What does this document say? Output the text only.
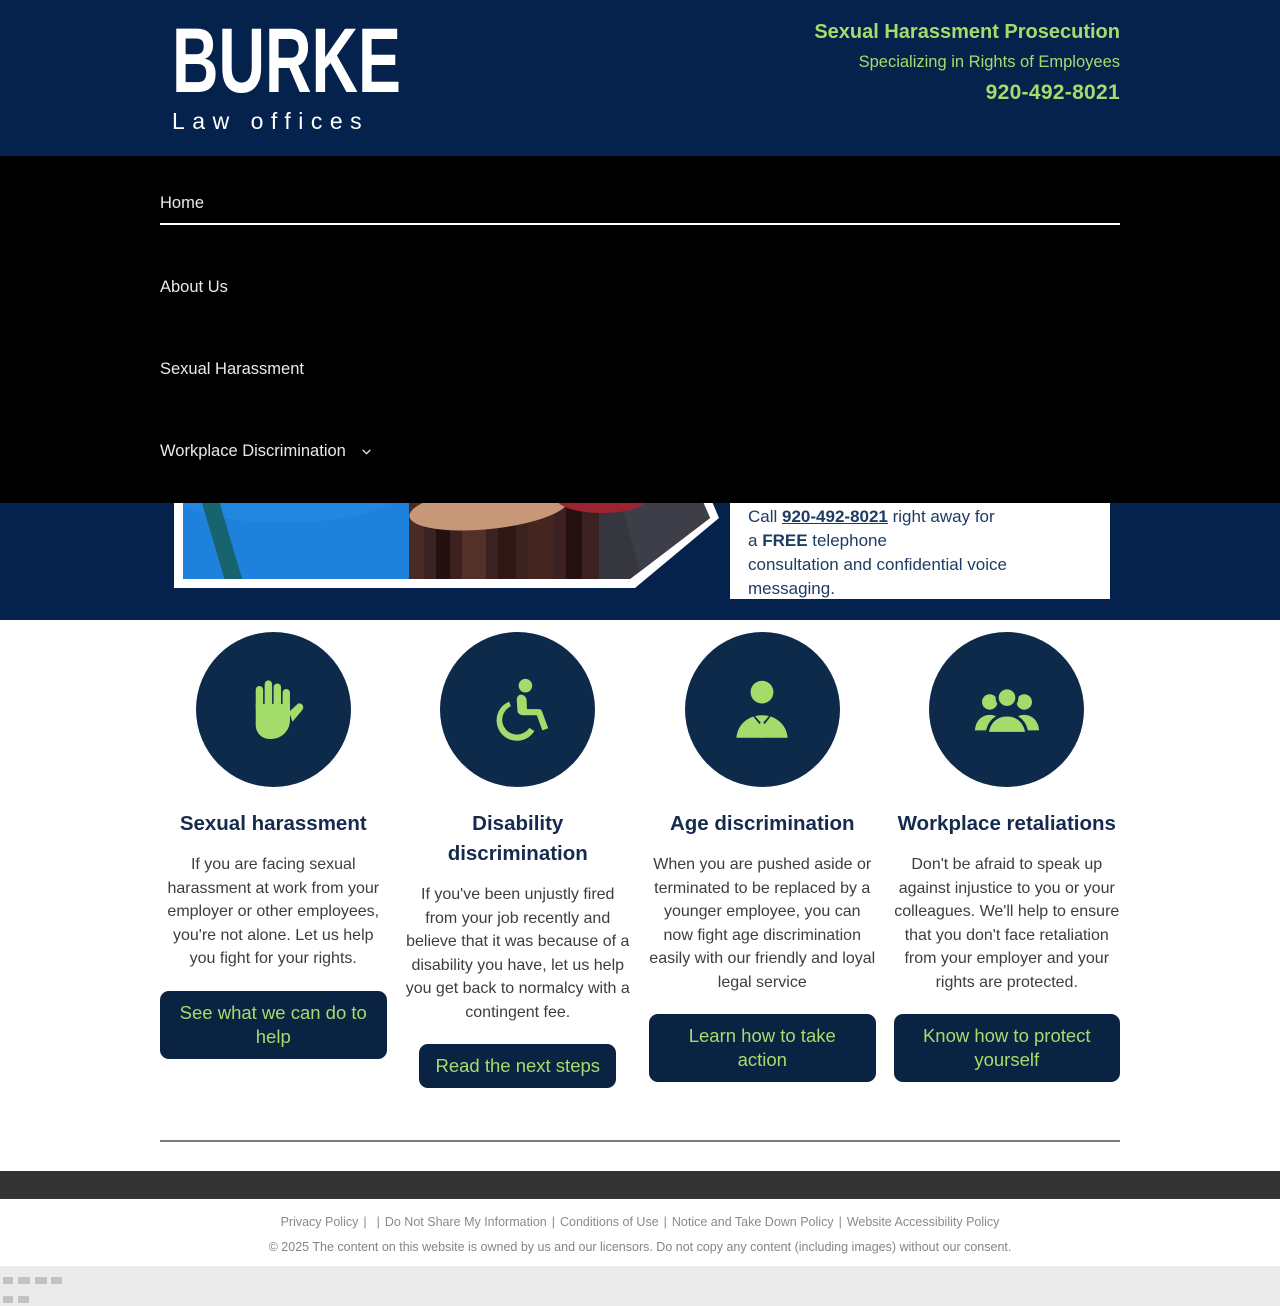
BURKE
Law offices
Sexual Harassment Prosecution
Specializing in Rights of Employees
920-492-8021
Home
About Us
Sexual Harassment
Workplace Discrimination
Call 920-492-8021 right away for
a FREE telephone
consultation and confidential voice messaging.
Sexual harassment

If you are facing sexual harassment at work from your employer or other employees, you're not alone. Let us help you fight for your rights.

See what we can do to help
Disability discrimination

If you've been unjustly fired from your job recently and believe that it was because of a disability you have, let us help you get back to normalcy with a contingent fee.

Read the next steps
Age discrimination

When you are pushed aside or terminated to be replaced by a younger employee, you can now fight age discrimination easily with our friendly and loyal legal service

Learn how to take action
Workplace retaliations

Don't be afraid to speak up against injustice to you or your colleagues. We'll help to ensure that you don't face retaliation from your employer and your rights are protected.

Know how to protect yourself
Privacy Policy | | Do Not Share My Information | Conditions of Use | Notice and Take Down Policy | Website Accessibility Policy
© 2025 The content on this website is owned by us and our licensors. Do not copy any content (including images) without our consent.
